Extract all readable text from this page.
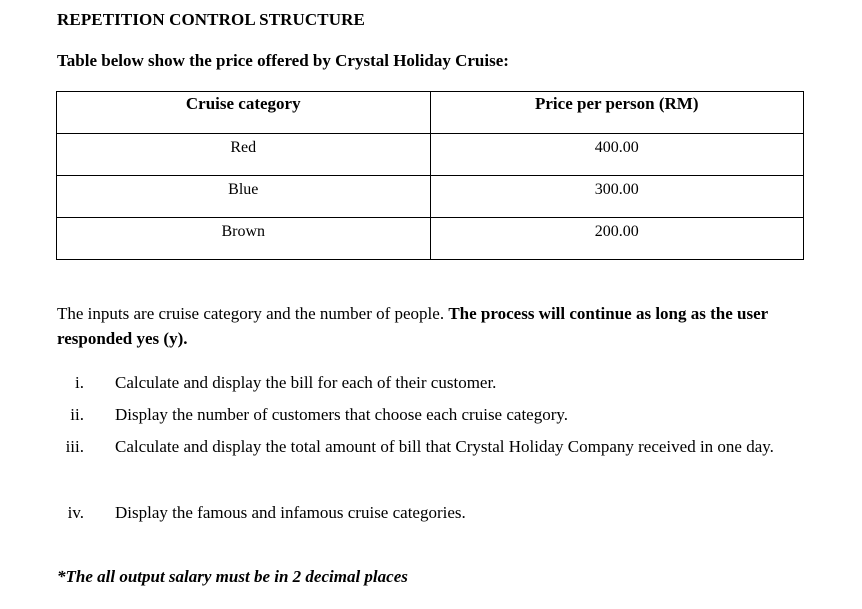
REPETITION CONTROL STRUCTURE
Table below show the price offered by Crystal Holiday Cruise:
Cruise category	Price per person (RM)
Red	400.00
Blue	300.00
Brown	200.00
The inputs are cruise category and the number of people. The process will continue as long as the user responded yes (y).
i. Calculate and display the bill for each of their customer.
ii. Display the number of customers that choose each cruise category.
iii. Calculate and display the total amount of bill that Crystal Holiday Company received in one day.
iv. Display the famous and infamous cruise categories.
*The all output salary must be in 2 decimal places
